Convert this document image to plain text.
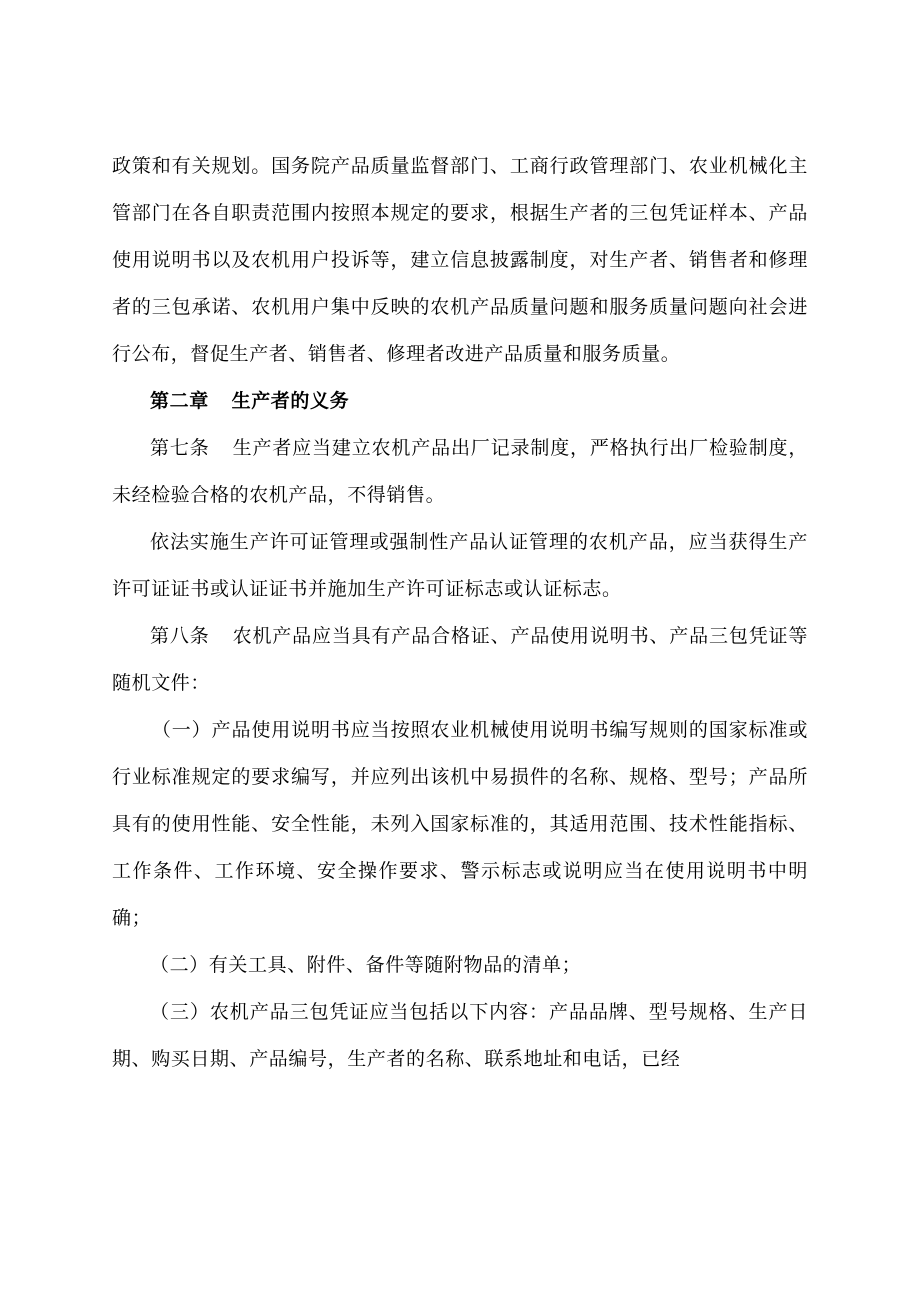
政策和有关规划。国务院产品质量监督部门、工商行政管理部门、农业机械化主管部门在各自职责范围内按照本规定的要求，根据生产者的三包凭证样本、产品使用说明书以及农机用户投诉等，建立信息披露制度，对生产者、销售者和修理者的三包承诺、农机用户集中反映的农机产品质量问题和服务质量问题向社会进行公布，督促生产者、销售者、修理者改进产品质量和服务质量。

第二章 生产者的义务

第七条 生产者应当建立农机产品出厂记录制度，严格执行出厂检验制度，未经检验合格的农机产品，不得销售。

依法实施生产许可证管理或强制性产品认证管理的农机产品，应当获得生产许可证证书或认证证书并施加生产许可证标志或认证标志。

第八条 农机产品应当具有产品合格证、产品使用说明书、产品三包凭证等随机文件：

（一）产品使用说明书应当按照农业机械使用说明书编写规则的国家标准或行业标准规定的要求编写，并应列出该机中易损件的名称、规格、型号；产品所具有的使用性能、安全性能，未列入国家标准的，其适用范围、技术性能指标、工作条件、工作环境、安全操作要求、警示标志或说明应当在使用说明书中明确；

（二）有关工具、附件、备件等随附物品的清单；

（三）农机产品三包凭证应当包括以下内容：产品品牌、型号规格、生产日期、购买日期、产品编号，生产者的名称、联系地址和电话，已经
